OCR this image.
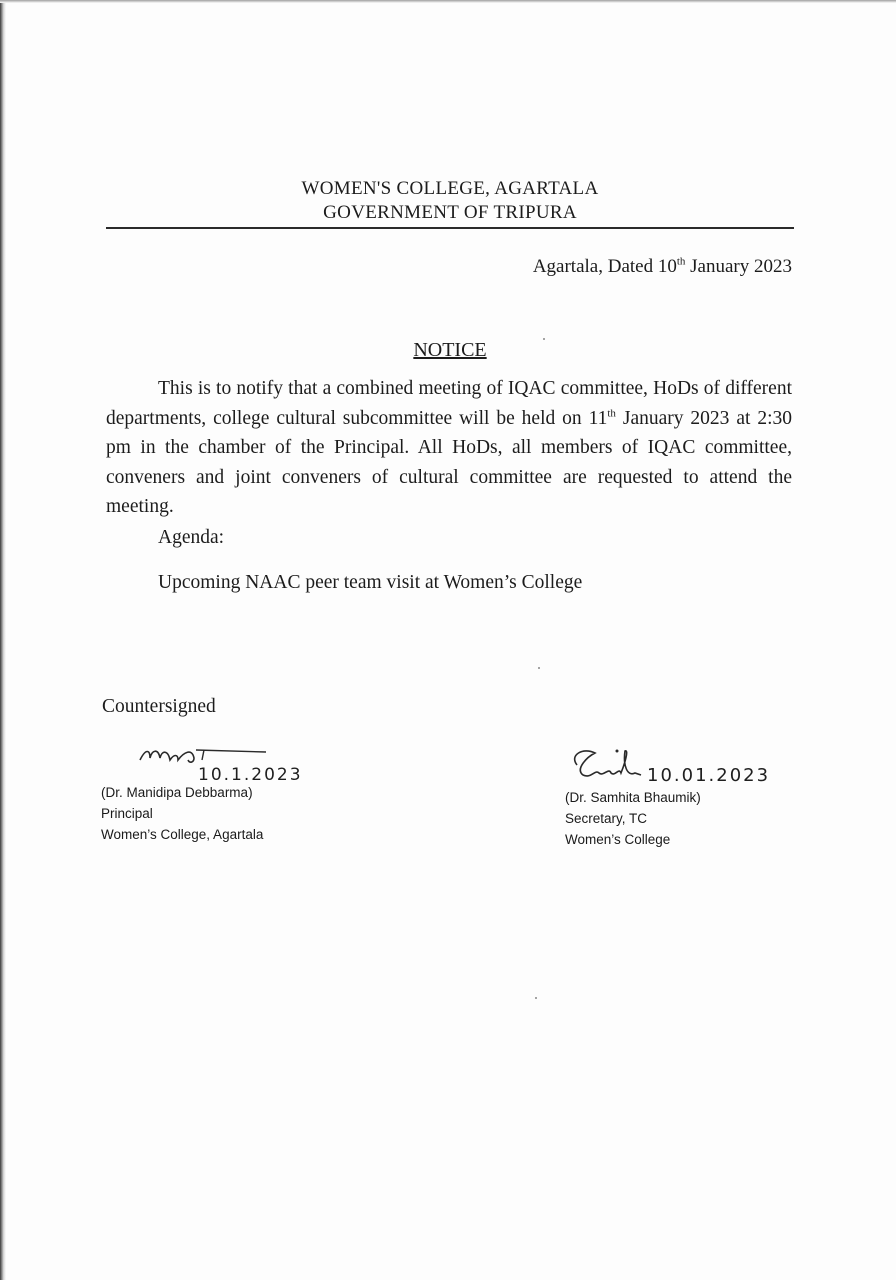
WOMEN'S COLLEGE, AGARTALA
GOVERNMENT OF TRIPURA
Agartala, Dated 10th January 2023
NOTICE
This is to notify that a combined meeting of IQAC committee, HoDs of different departments, college cultural subcommittee will be held on 11th January 2023 at 2:30 pm in the chamber of the Principal. All HoDs, all members of IQAC committee, conveners and joint conveners of cultural committee are requested to attend the meeting.
Agenda:
Upcoming NAAC peer team visit at Women’s College
Countersigned
10.1.2023
(Dr. Manidipa Debbarma)
Principal
Women’s College, Agartala
10.01.2023
(Dr. Samhita Bhaumik)
Secretary, TC
Women’s College
